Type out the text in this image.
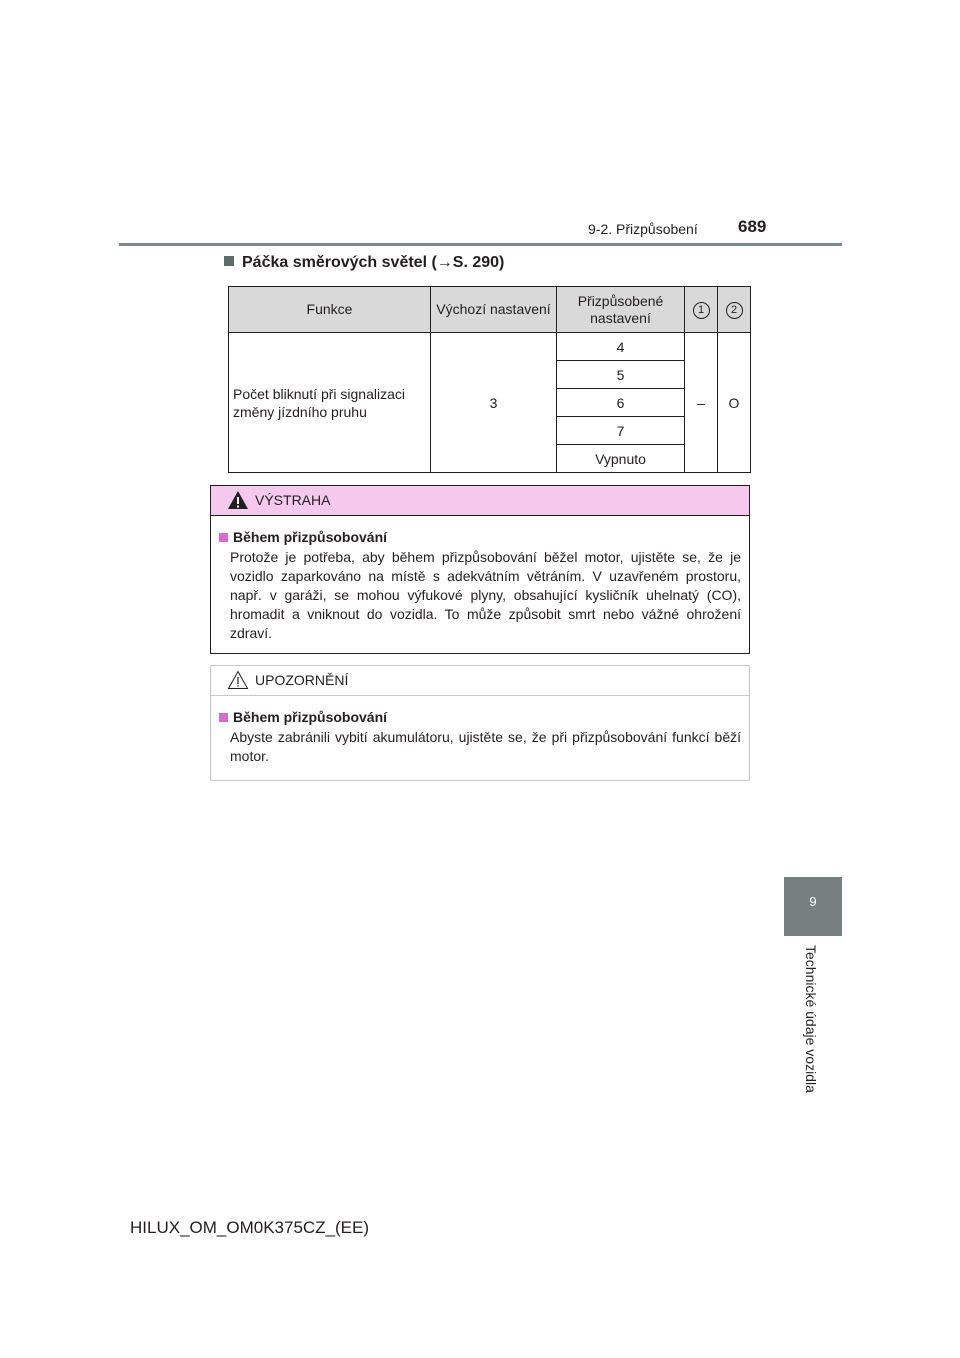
9-2. Přizpůsobení 689
Páčka směrových světel (→S. 290)
Funkce	Výchozí nastavení	Přizpůsobené nastavení	1	2
Počet bliknutí při signalizaci změny jízdního pruhu	3	4	–	O
		5		
		6		
		7		
		Vypnuto		
VÝSTRAHA
Během přizpůsobování
Protože je potřeba, aby během přizpůsobování běžel motor, ujistěte se, že je vozidlo zaparkováno na místě s adekvátním větráním. V uzavřeném prostoru, např. v garáži, se mohou výfukové plyny, obsahující kysličník uhelnatý (CO), hromadit a vniknout do vozidla. To může způsobit smrt nebo vážné ohrožení zdraví.
UPOZORNĚNÍ
Během přizpůsobování
Abyste zabránili vybití akumulátoru, ujistěte se, že při přizpůsobování funkcí běží motor.
9
Technické údaje vozidla
HILUX_OM_OM0K375CZ_(EE)
